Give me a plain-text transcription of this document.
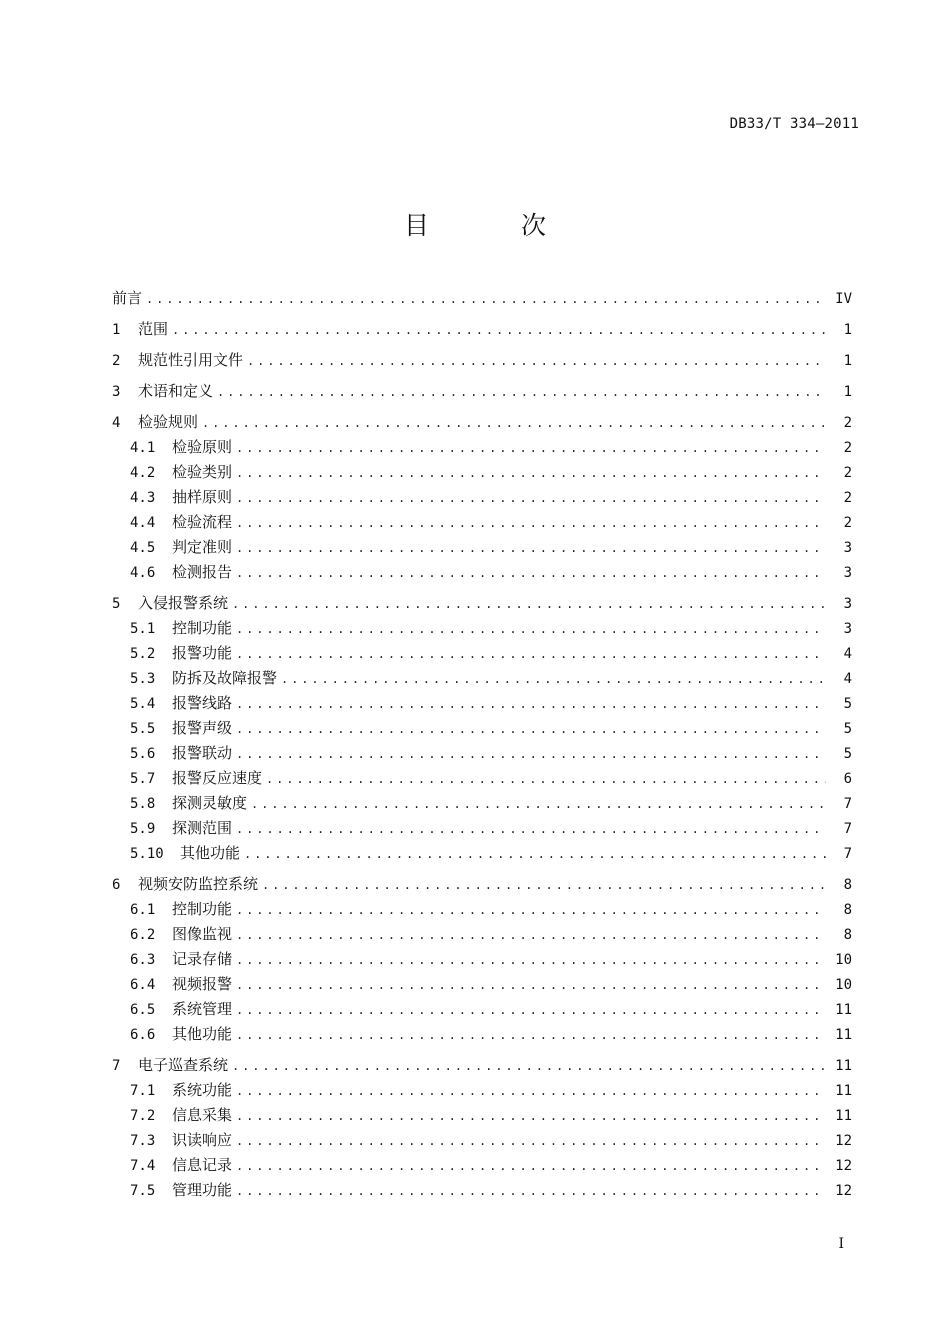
DB33/T 334—2011
目 次
前言 .....	IV
1	范围 .....	1
2	规范性引用文件 .....	1
3	术语和定义 .....	1
4	检验规则 .....	2
4.1	检验原则 .....	2
4.2	检验类别 .....	2
4.3	抽样原则 .....	2
4.4	检验流程 .....	2
4.5	判定准则 .....	3
4.6	检测报告 .....	3
5	入侵报警系统 .....	3
5.1	控制功能 .....	3
5.2	报警功能 .....	4
5.3	防拆及故障报警 .....	4
5.4	报警线路 .....	5
5.5	报警声级 .....	5
5.6	报警联动 .....	5
5.7	报警反应速度 .....	6
5.8	探测灵敏度 .....	7
5.9	探测范围 .....	7
5.10	其他功能 .....	7
6	视频安防监控系统 .....	8
6.1	控制功能 .....	8
6.2	图像监视 .....	8
6.3	记录存储 .....	10
6.4	视频报警 .....	10
6.5	系统管理 .....	11
6.6	其他功能 .....	11
7	电子巡查系统 .....	11
7.1	系统功能 .....	11
7.2	信息采集 .....	11
7.3	识读响应 .....	12
7.4	信息记录 .....	12
7.5	管理功能 .....	12
I
